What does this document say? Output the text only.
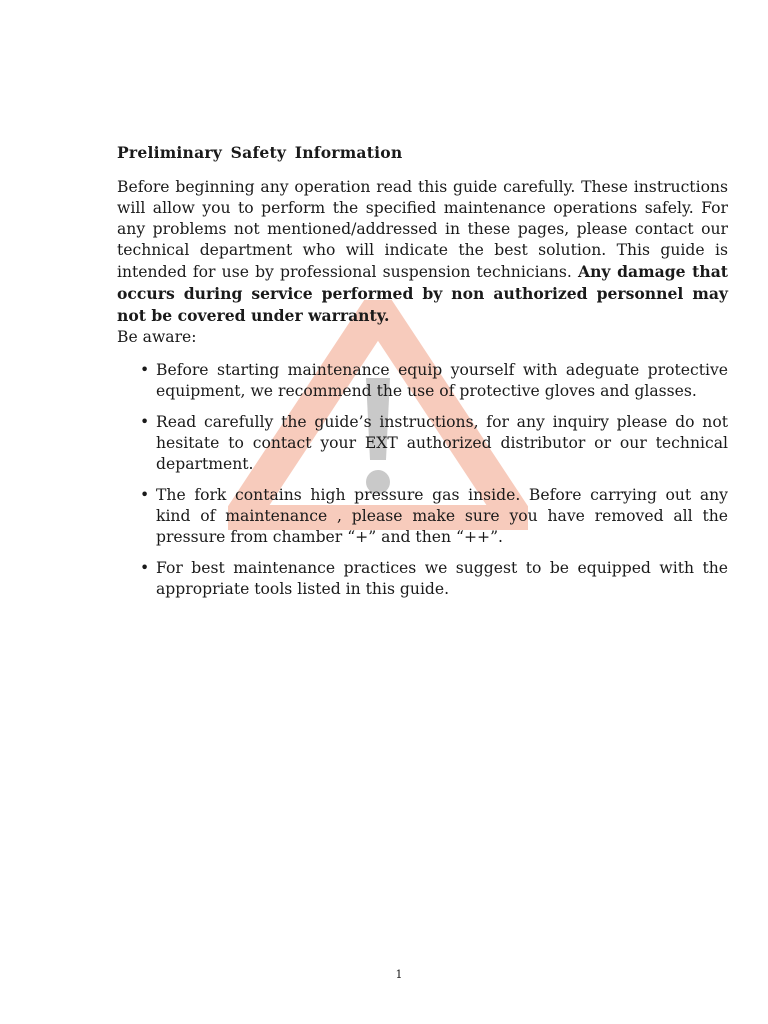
Preliminary Safety Information

Before beginning any operation read this guide carefully. These instructions will allow you to perform the specified maintenance operations safely. For any problems not mentioned/addressed in these pages, please contact our technical department who will indicate the best solution. This guide is intended for use by professional suspension technicians. Any damage that occurs during service performed by non authorized personnel may not be covered under warranty.

Be aware:

• Before starting maintenance equip yourself with adeguate protective equipment, we recommend the use of protective gloves and glasses.
• Read carefully the guide’s instructions, for any inquiry please do not hesitate to contact your EXT authorized distributor or our technical department.
• The fork contains high pressure gas inside. Before carrying out any kind of maintenance , please make sure you have removed all the pressure from chamber “+” and then “++”.
• For best maintenance practices we suggest to be equipped with the appropriate tools listed in this guide.
1
